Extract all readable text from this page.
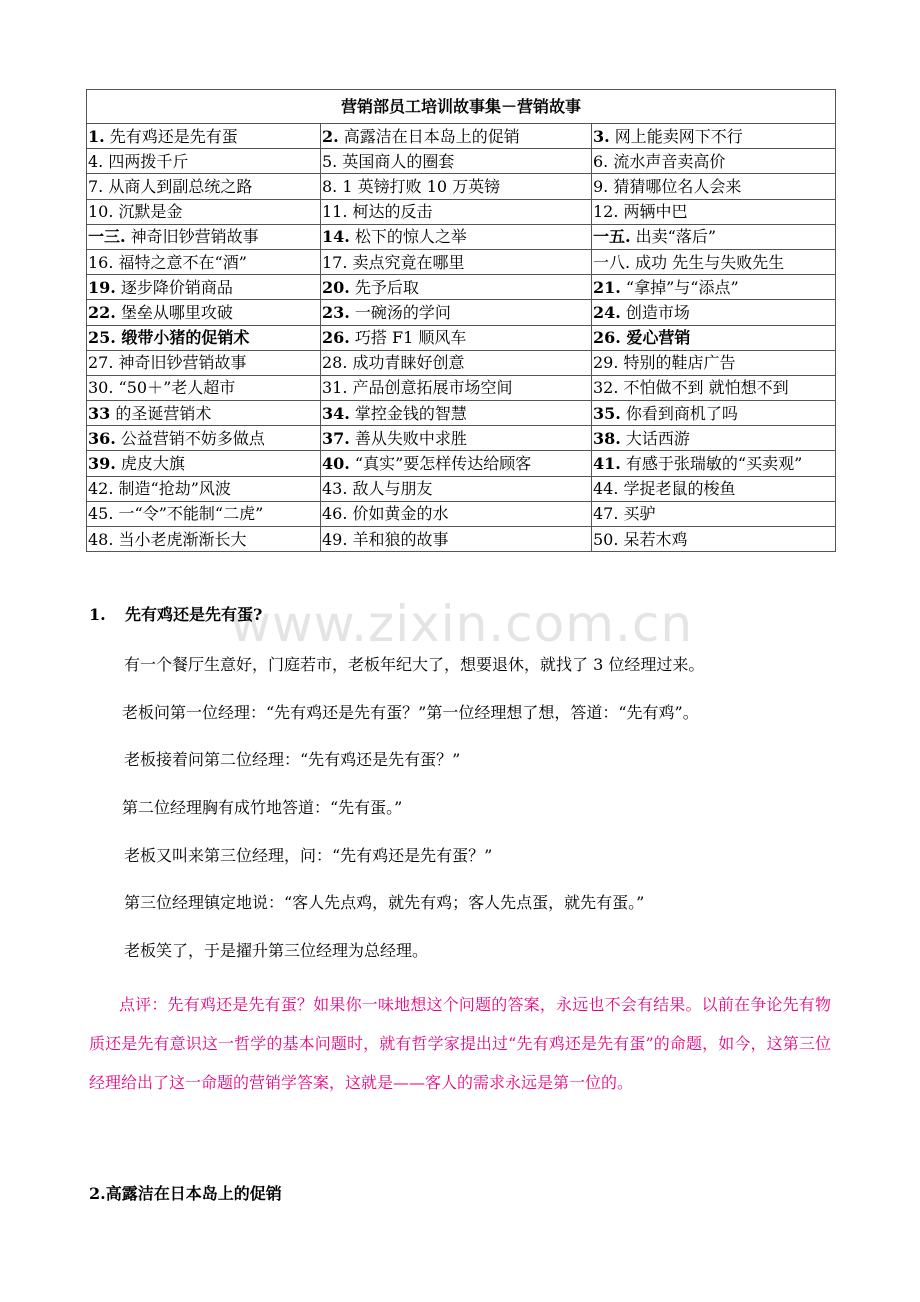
营销部员工培训故事集－营销故事		
1. 先有鸡还是先有蛋	2. 高露洁在日本岛上的促销	3. 网上能卖网下不行
4. 四两拨千斤	5. 英国商人的圈套	6. 流水声音卖高价
7. 从商人到副总统之路	8. 1 英镑打败 10 万英镑	9. 猜猜哪位名人会来
10. 沉默是金	11. 柯达的反击	12. 两辆中巴
一三. 神奇旧钞营销故事	14. 松下的惊人之举	一五. 出卖“落后”
16. 福特之意不在“酒”	17. 卖点究竟在哪里	一八. 成功 先生与失败先生
19. 逐步降价销商品	20. 先予后取	21. “拿掉”与“添点”
22. 堡垒从哪里攻破	23. 一碗汤的学问	24. 创造市场
25. 缎带小猪的促销术	26. 巧搭 F1 顺风车	26. 爱心营销
27. 神奇旧钞营销故事	28. 成功青睐好创意	29. 特别的鞋店广告
30. “50＋”老人超市	31. 产品创意拓展市场空间	32. 不怕做不到 就怕想不到
33 的圣诞营销术	34. 掌控金钱的智慧	35. 你看到商机了吗
36. 公益营销不妨多做点	37. 善从失败中求胜	38. 大话西游
39. 虎皮大旗	40. “真实”要怎样传达给顾客	41. 有感于张瑞敏的“买卖观”
42. 制造“抢劫”风波	43. 敌人与朋友	44. 学捉老鼠的梭鱼
45. 一“令”不能制“二虎”	46. 价如黄金的水	47. 买驴
48. 当小老虎渐渐长大	49. 羊和狼的故事	50. 呆若木鸡
www.zixin.com.cn
1. 先有鸡还是先有蛋?
有一个餐厅生意好，门庭若市，老板年纪大了，想要退休，就找了 3 位经理过来。
老板问第一位经理：“先有鸡还是先有蛋？”第一位经理想了想，答道：“先有鸡”。
老板接着问第二位经理：“先有鸡还是先有蛋？”
第二位经理胸有成竹地答道：“先有蛋。”
老板又叫来第三位经理，问：“先有鸡还是先有蛋？”
第三位经理镇定地说：“客人先点鸡，就先有鸡；客人先点蛋，就先有蛋。”
老板笑了，于是擢升第三位经理为总经理。
点评：先有鸡还是先有蛋？如果你一味地想这个问题的答案，永远也不会有结果。以前在争论先有物质还是先有意识这一哲学的基本问题时，就有哲学家提出过“先有鸡还是先有蛋”的命题，如今，这第三位经理给出了这一命题的营销学答案，这就是——客人的需求永远是第一位的。
2.高露洁在日本岛上的促销
